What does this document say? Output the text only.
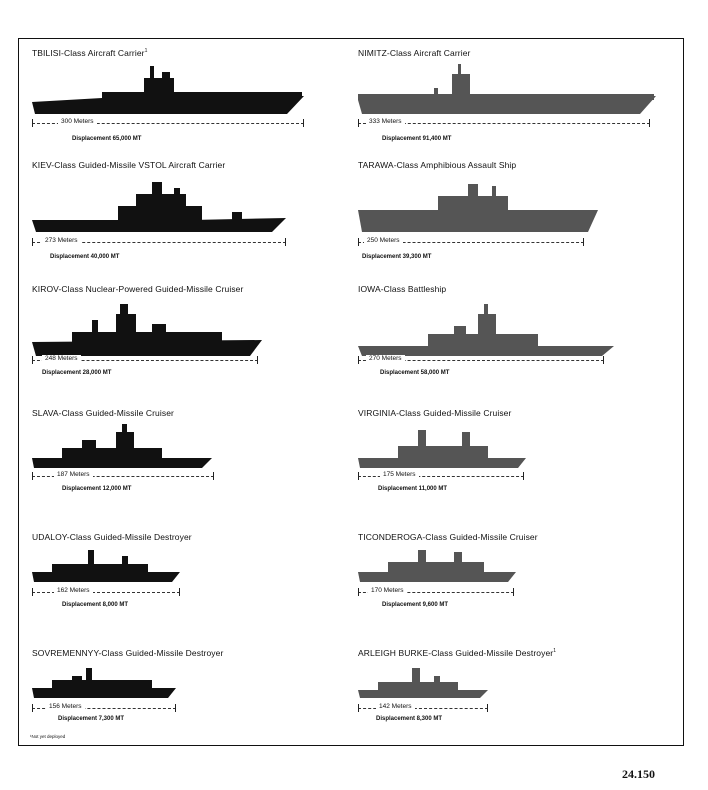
TBILISI-Class Aircraft Carrier$^1$
300 Meters
Displacement 65,000 MT
NIMITZ-Class Aircraft Carrier
333 Meters
Displacement 91,400 MT
KIEV-Class Guided-Missile VSTOL Aircraft Carrier
273 Meters
Displacement 40,000 MT
TARAWA-Class Amphibious Assault Ship
250 Meters
Displacement 39,300 MT
KIROV-Class Nuclear-Powered Guided-Missile Cruiser
248 Meters
Displacement 28,000 MT
IOWA-Class Battleship
270 Meters
Displacement 58,000 MT
SLAVA-Class Guided-Missile Cruiser
187 Meters
Displacement 12,000 MT
VIRGINIA-Class Guided-Missile Cruiser
175 Meters
Displacement 11,000 MT
UDALOY-Class Guided-Missile Destroyer
162 Meters
Displacement 8,000 MT
TICONDEROGA-Class Guided-Missile Cruiser
170 Meters
Displacement 9,600 MT
SOVREMENNYY-Class Guided-Missile Destroyer
156 Meters
Displacement 7,300 MT
ARLEIGH BURKE-Class Guided-Missile Destroyer$^1$
142 Meters
Displacement 8,300 MT
¹Not yet deployed
24.150
